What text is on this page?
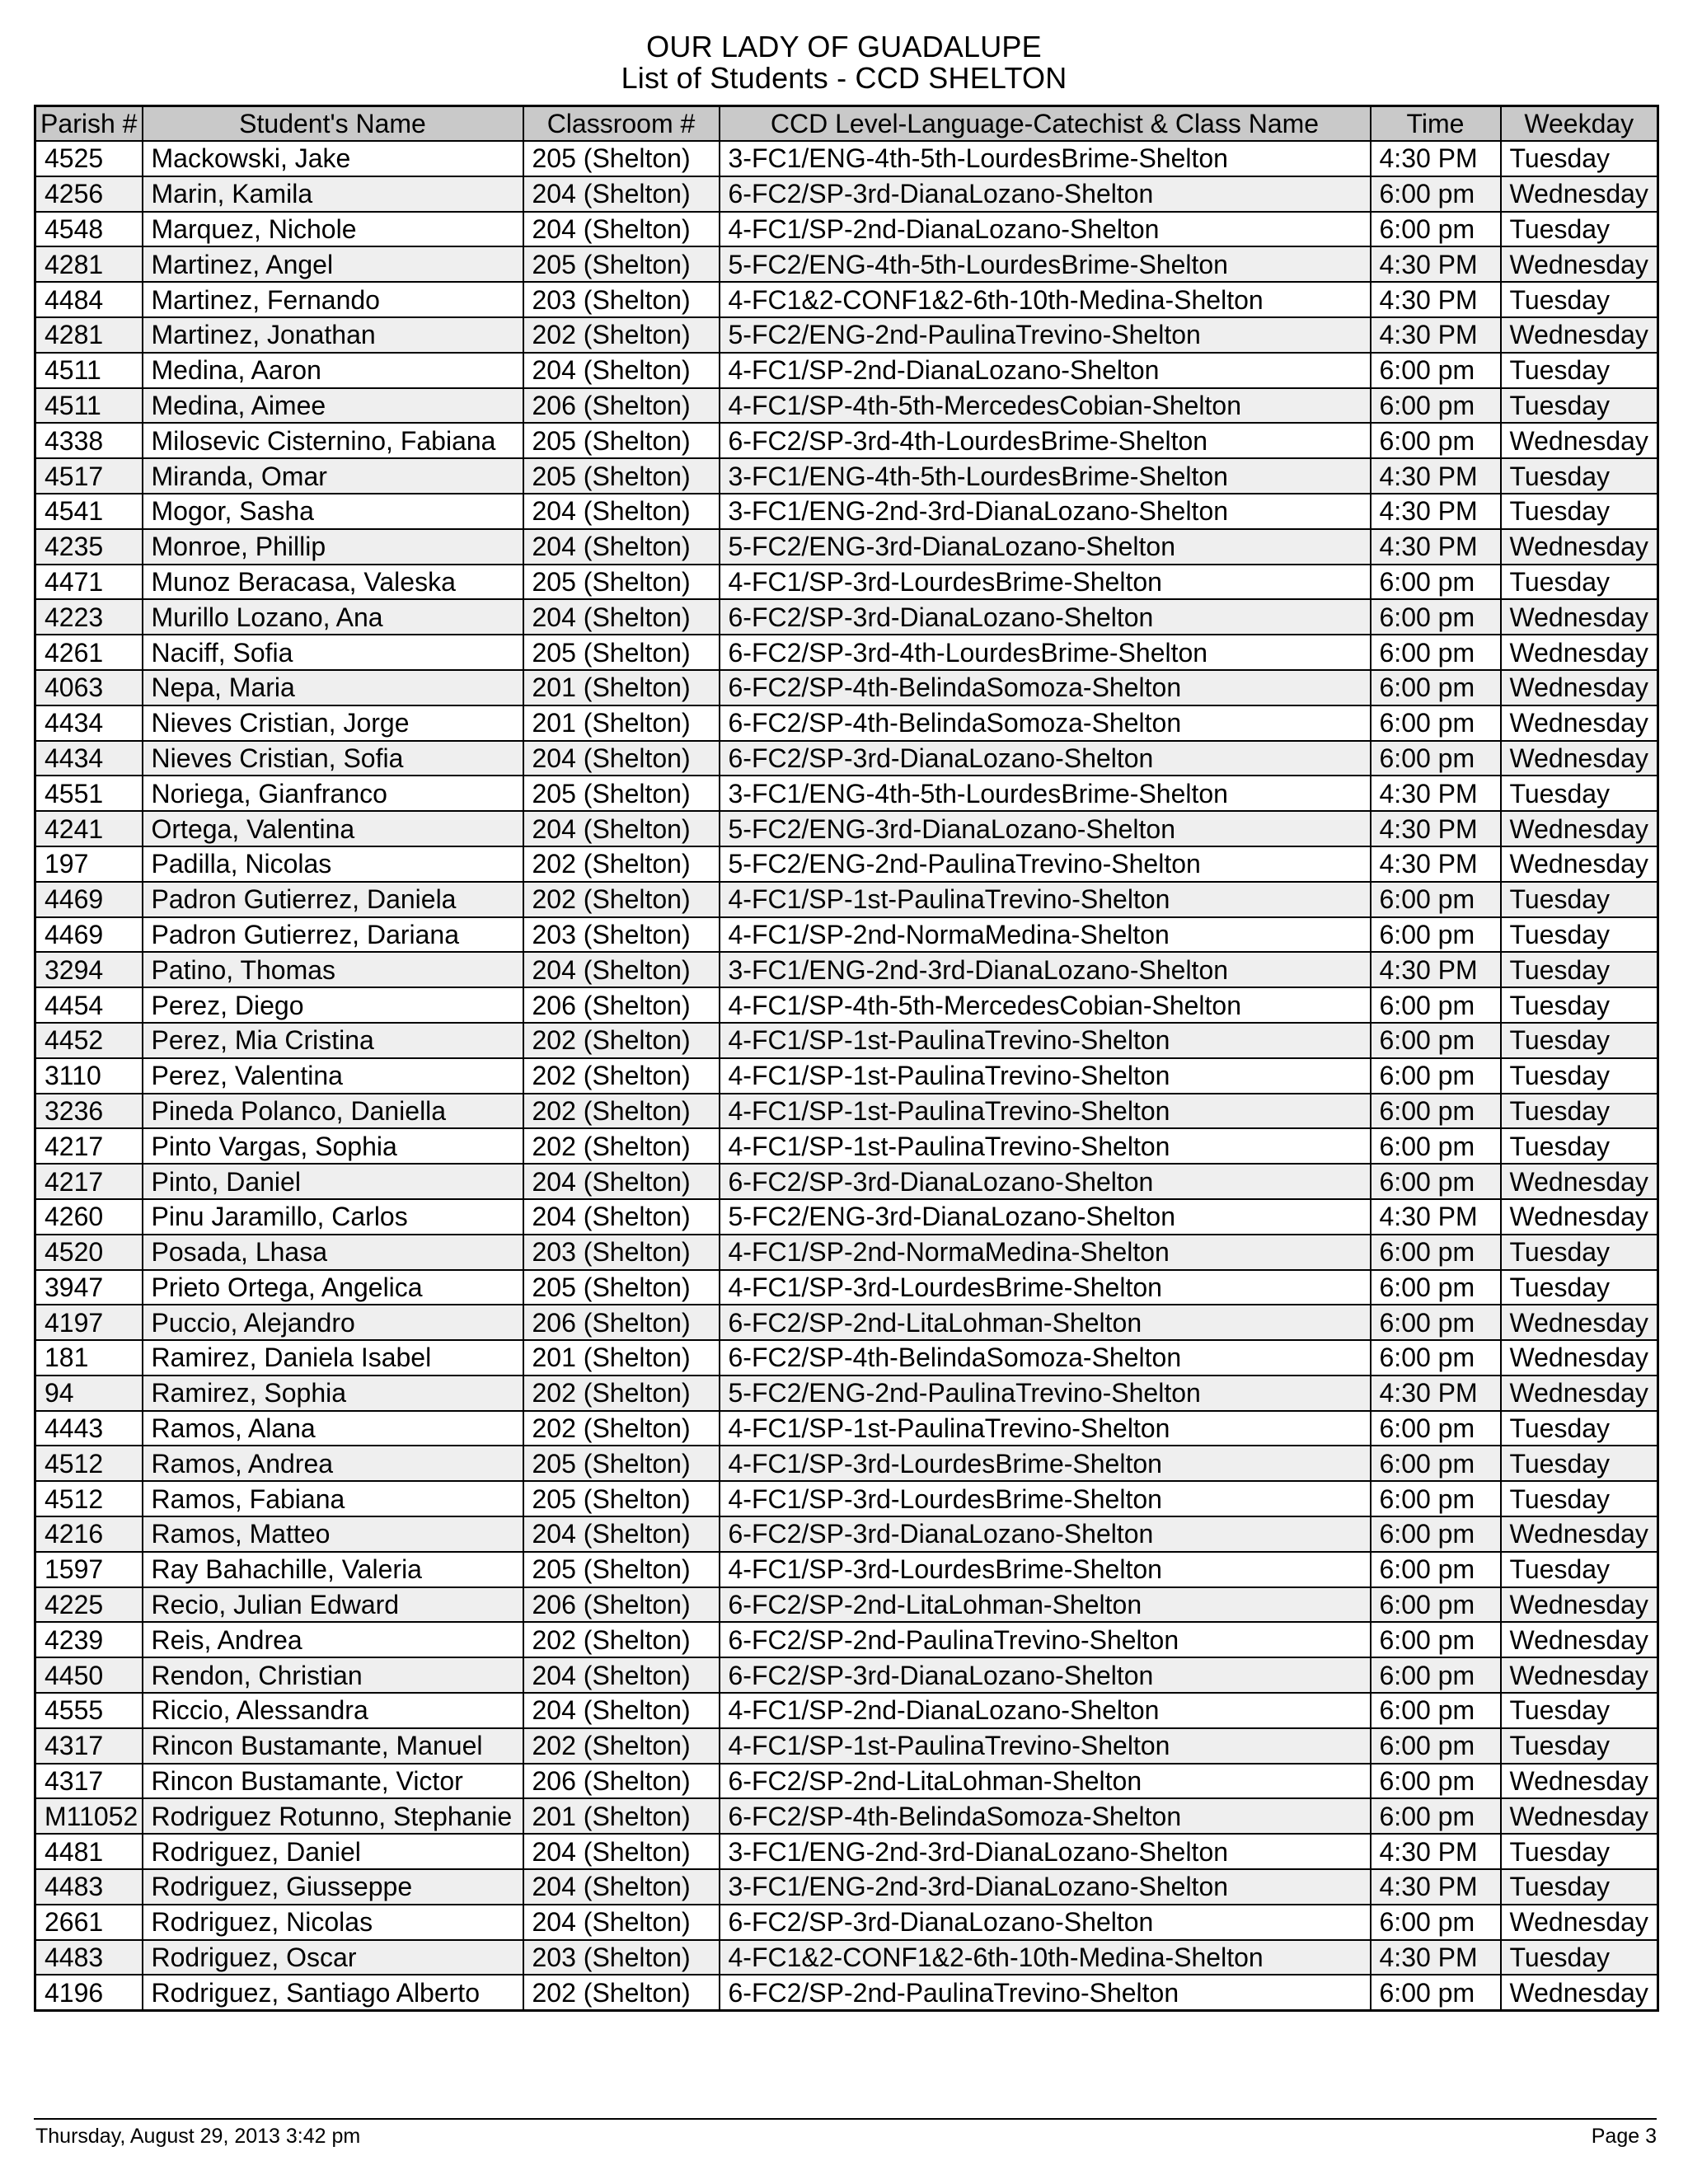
OUR LADY OF GUADALUPE
List of Students - CCD SHELTON
Parish #	Student's Name	Classroom #	CCD Level-Language-Catechist & Class Name	Time	Weekday
4525	Mackowski, Jake	205 (Shelton)	3-FC1/ENG-4th-5th-LourdesBrime-Shelton	4:30 PM	Tuesday
4256	Marin, Kamila	204 (Shelton)	6-FC2/SP-3rd-DianaLozano-Shelton	6:00 pm	Wednesday
4548	Marquez, Nichole	204 (Shelton)	4-FC1/SP-2nd-DianaLozano-Shelton	6:00 pm	Tuesday
4281	Martinez, Angel	205 (Shelton)	5-FC2/ENG-4th-5th-LourdesBrime-Shelton	4:30 PM	Wednesday
4484	Martinez, Fernando	203 (Shelton)	4-FC1&2-CONF1&2-6th-10th-Medina-Shelton	4:30 PM	Tuesday
4281	Martinez, Jonathan	202 (Shelton)	5-FC2/ENG-2nd-PaulinaTrevino-Shelton	4:30 PM	Wednesday
4511	Medina, Aaron	204 (Shelton)	4-FC1/SP-2nd-DianaLozano-Shelton	6:00 pm	Tuesday
4511	Medina, Aimee	206 (Shelton)	4-FC1/SP-4th-5th-MercedesCobian-Shelton	6:00 pm	Tuesday
4338	Milosevic Cisternino, Fabiana	205 (Shelton)	6-FC2/SP-3rd-4th-LourdesBrime-Shelton	6:00 pm	Wednesday
4517	Miranda, Omar	205 (Shelton)	3-FC1/ENG-4th-5th-LourdesBrime-Shelton	4:30 PM	Tuesday
4541	Mogor, Sasha	204 (Shelton)	3-FC1/ENG-2nd-3rd-DianaLozano-Shelton	4:30 PM	Tuesday
4235	Monroe, Phillip	204 (Shelton)	5-FC2/ENG-3rd-DianaLozano-Shelton	4:30 PM	Wednesday
4471	Munoz Beracasa, Valeska	205 (Shelton)	4-FC1/SP-3rd-LourdesBrime-Shelton	6:00 pm	Tuesday
4223	Murillo Lozano, Ana	204 (Shelton)	6-FC2/SP-3rd-DianaLozano-Shelton	6:00 pm	Wednesday
4261	Naciff, Sofia	205 (Shelton)	6-FC2/SP-3rd-4th-LourdesBrime-Shelton	6:00 pm	Wednesday
4063	Nepa, Maria	201 (Shelton)	6-FC2/SP-4th-BelindaSomoza-Shelton	6:00 pm	Wednesday
4434	Nieves Cristian, Jorge	201 (Shelton)	6-FC2/SP-4th-BelindaSomoza-Shelton	6:00 pm	Wednesday
4434	Nieves Cristian, Sofia	204 (Shelton)	6-FC2/SP-3rd-DianaLozano-Shelton	6:00 pm	Wednesday
4551	Noriega, Gianfranco	205 (Shelton)	3-FC1/ENG-4th-5th-LourdesBrime-Shelton	4:30 PM	Tuesday
4241	Ortega, Valentina	204 (Shelton)	5-FC2/ENG-3rd-DianaLozano-Shelton	4:30 PM	Wednesday
197	Padilla, Nicolas	202 (Shelton)	5-FC2/ENG-2nd-PaulinaTrevino-Shelton	4:30 PM	Wednesday
4469	Padron Gutierrez, Daniela	202 (Shelton)	4-FC1/SP-1st-PaulinaTrevino-Shelton	6:00 pm	Tuesday
4469	Padron Gutierrez, Dariana	203 (Shelton)	4-FC1/SP-2nd-NormaMedina-Shelton	6:00 pm	Tuesday
3294	Patino, Thomas	204 (Shelton)	3-FC1/ENG-2nd-3rd-DianaLozano-Shelton	4:30 PM	Tuesday
4454	Perez, Diego	206 (Shelton)	4-FC1/SP-4th-5th-MercedesCobian-Shelton	6:00 pm	Tuesday
4452	Perez, Mia Cristina	202 (Shelton)	4-FC1/SP-1st-PaulinaTrevino-Shelton	6:00 pm	Tuesday
3110	Perez, Valentina	202 (Shelton)	4-FC1/SP-1st-PaulinaTrevino-Shelton	6:00 pm	Tuesday
3236	Pineda Polanco, Daniella	202 (Shelton)	4-FC1/SP-1st-PaulinaTrevino-Shelton	6:00 pm	Tuesday
4217	Pinto Vargas, Sophia	202 (Shelton)	4-FC1/SP-1st-PaulinaTrevino-Shelton	6:00 pm	Tuesday
4217	Pinto, Daniel	204 (Shelton)	6-FC2/SP-3rd-DianaLozano-Shelton	6:00 pm	Wednesday
4260	Pinu Jaramillo, Carlos	204 (Shelton)	5-FC2/ENG-3rd-DianaLozano-Shelton	4:30 PM	Wednesday
4520	Posada, Lhasa	203 (Shelton)	4-FC1/SP-2nd-NormaMedina-Shelton	6:00 pm	Tuesday
3947	Prieto Ortega, Angelica	205 (Shelton)	4-FC1/SP-3rd-LourdesBrime-Shelton	6:00 pm	Tuesday
4197	Puccio, Alejandro	206 (Shelton)	6-FC2/SP-2nd-LitaLohman-Shelton	6:00 pm	Wednesday
181	Ramirez, Daniela Isabel	201 (Shelton)	6-FC2/SP-4th-BelindaSomoza-Shelton	6:00 pm	Wednesday
94	Ramirez, Sophia	202 (Shelton)	5-FC2/ENG-2nd-PaulinaTrevino-Shelton	4:30 PM	Wednesday
4443	Ramos, Alana	202 (Shelton)	4-FC1/SP-1st-PaulinaTrevino-Shelton	6:00 pm	Tuesday
4512	Ramos, Andrea	205 (Shelton)	4-FC1/SP-3rd-LourdesBrime-Shelton	6:00 pm	Tuesday
4512	Ramos, Fabiana	205 (Shelton)	4-FC1/SP-3rd-LourdesBrime-Shelton	6:00 pm	Tuesday
4216	Ramos, Matteo	204 (Shelton)	6-FC2/SP-3rd-DianaLozano-Shelton	6:00 pm	Wednesday
1597	Ray Bahachille, Valeria	205 (Shelton)	4-FC1/SP-3rd-LourdesBrime-Shelton	6:00 pm	Tuesday
4225	Recio, Julian Edward	206 (Shelton)	6-FC2/SP-2nd-LitaLohman-Shelton	6:00 pm	Wednesday
4239	Reis, Andrea	202 (Shelton)	6-FC2/SP-2nd-PaulinaTrevino-Shelton	6:00 pm	Wednesday
4450	Rendon, Christian	204 (Shelton)	6-FC2/SP-3rd-DianaLozano-Shelton	6:00 pm	Wednesday
4555	Riccio, Alessandra	204 (Shelton)	4-FC1/SP-2nd-DianaLozano-Shelton	6:00 pm	Tuesday
4317	Rincon Bustamante, Manuel	202 (Shelton)	4-FC1/SP-1st-PaulinaTrevino-Shelton	6:00 pm	Tuesday
4317	Rincon Bustamante, Victor	206 (Shelton)	6-FC2/SP-2nd-LitaLohman-Shelton	6:00 pm	Wednesday
M11052	Rodriguez Rotunno, Stephanie	201 (Shelton)	6-FC2/SP-4th-BelindaSomoza-Shelton	6:00 pm	Wednesday
4481	Rodriguez, Daniel	204 (Shelton)	3-FC1/ENG-2nd-3rd-DianaLozano-Shelton	4:30 PM	Tuesday
4483	Rodriguez, Giusseppe	204 (Shelton)	3-FC1/ENG-2nd-3rd-DianaLozano-Shelton	4:30 PM	Tuesday
2661	Rodriguez, Nicolas	204 (Shelton)	6-FC2/SP-3rd-DianaLozano-Shelton	6:00 pm	Wednesday
4483	Rodriguez, Oscar	203 (Shelton)	4-FC1&2-CONF1&2-6th-10th-Medina-Shelton	4:30 PM	Tuesday
4196	Rodriguez, Santiago Alberto	202 (Shelton)	6-FC2/SP-2nd-PaulinaTrevino-Shelton	6:00 pm	Wednesday
Thursday, August 29, 2013 3:42 pm	Page 3
